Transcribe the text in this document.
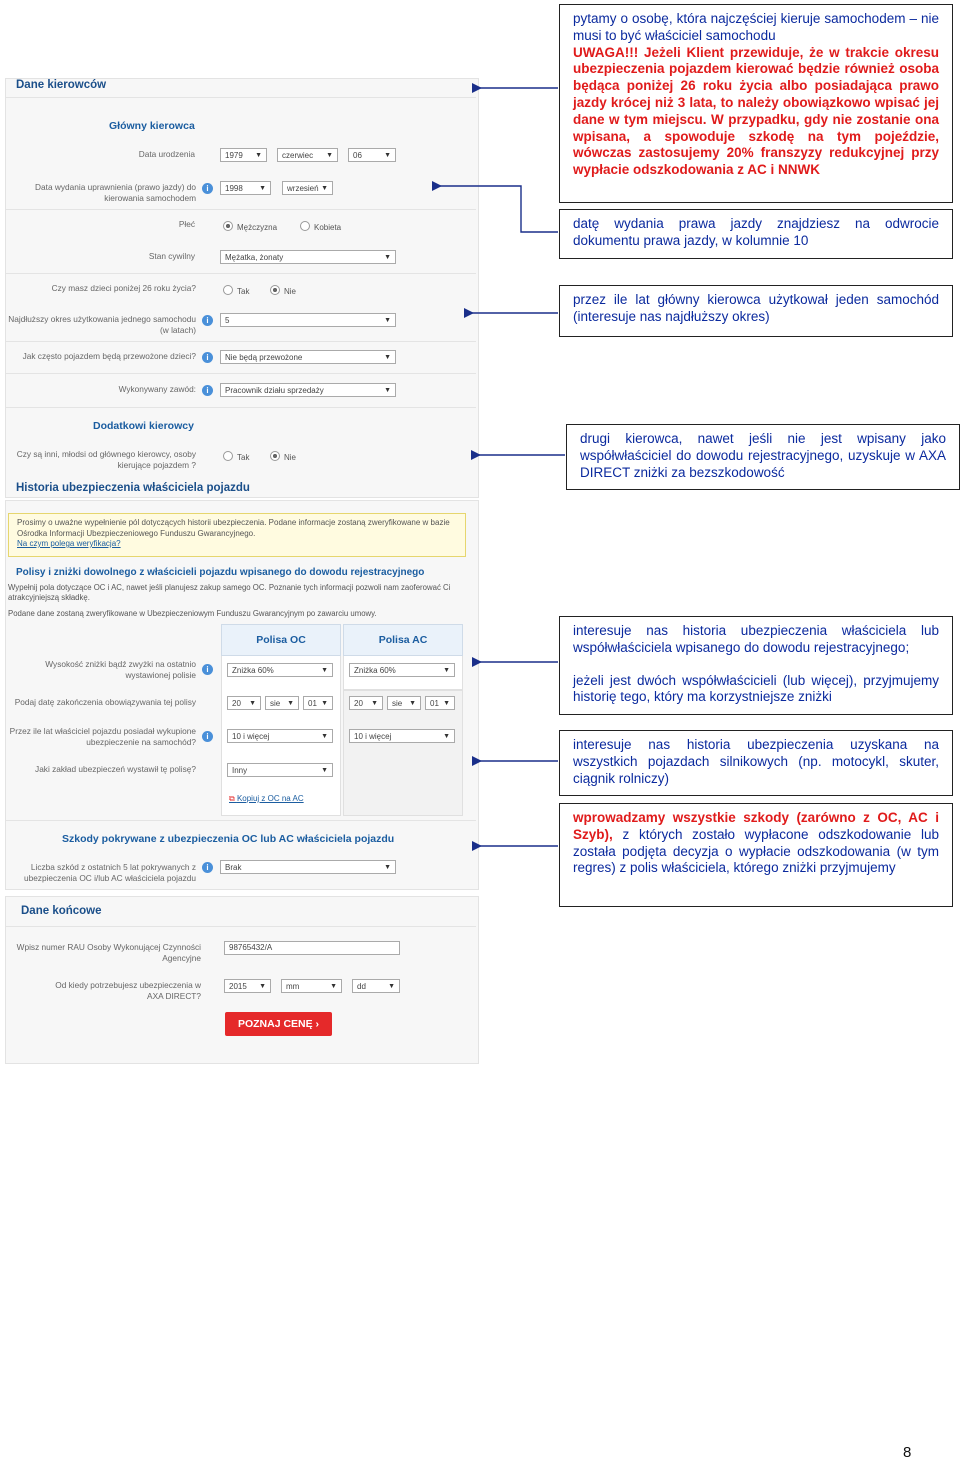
Dane kierowców
Główny kierowca
Data urodzenia	1979 ▼	czerwiec ▼	06 ▼
Data wydania uprawnienia (prawo jazdy) do kierowania samochodem
i	1998 ▼	wrzesień ▼
Płeć	Mężczyzna	Kobieta
Stan cywilny	Mężatka, żonaty ▼
Czy masz dzieci poniżej 26 roku życia?	Tak	Nie
Najdłuższy okres użytkowania jednego samochodu (w latach)
i	5 ▼
Jak często pojazdem będą przewożone dzieci?	i	Nie będą przewożone ▼
Wykonywany zawód:	i	Pracownik działu sprzedaży ▼
Dodatkowi kierowcy
Czy są inni, młodsi od głównego kierowcy, osoby kierujące pojazdem ?
Tak	Nie
Historia ubezpieczenia właściciela pojazdu
Prosimy o uważne wypełnienie pól dotyczących historii ubezpieczenia. Podane informacje zostaną zweryfikowane w bazie Ośrodka Informacji Ubezpieczeniowego Funduszu Gwarancyjnego.
Na czym polega weryfikacja?
Polisy i zniżki dowolnego z właścicieli pojazdu wpisanego do dowodu rejestracyjnego
Wypełnij pola dotyczące OC i AC, nawet jeśli planujesz zakup samego OC. Poznanie tych informacji pozwoli nam zaoferować Ci atrakcyjniejszą składkę.
Podane dane zostaną zweryfikowane w Ubezpieczeniowym Funduszu Gwarancyjnym po zawarciu umowy.
Polisa OC	Polisa AC
Wysokość zniżki bądź zwyżki na ostatnio wystawionej polisie
i	Zniżka 60% ▼	Zniżka 60% ▼
Podaj datę zakończenia obowiązywania tej polisy	20 ▼	sie ▼	01 ▼	20 ▼	sie ▼	01 ▼
Przez ile lat właściciel pojazdu posiadał wykupione ubezpieczenie na samochód?
i	10 i więcej ▼	10 i więcej ▼
Jaki zakład ubezpieczeń wystawił tę polisę?	Inny ▼
⧉ Kopiuj z OC na AC
Szkody pokrywane z ubezpieczenia OC lub AC właściciela pojazdu
Liczba szkód z ostatnich 5 lat pokrywanych z ubezpieczenia OC i/lub AC właściciela pojazdu
i	Brak ▼
Dane końcowe
Wpisz numer RAU Osoby Wykonującej Czynności Agencyjne
98765432/A
Od kiedy potrzebujesz ubezpieczenia w AXA DIRECT?
2015 ▼	mm ▼	dd ▼
POZNAJ CENĘ ›

pytamy o osobę, która najczęściej kieruje samochodem – nie musi to być właściciel samochodu

UWAGA!!! Jeżeli Klient przewiduje, że w trakcie okresu ubezpieczenia pojazdem kierować będzie również osoba będąca poniżej 26 roku życia albo posiadająca prawo jazdy krócej niż 3 lata, to należy obowiązkowo wpisać jej dane w tym miejscu. W przypadku, gdy nie zostanie ona wpisana, a spowoduje szkodę na tym pojeździe, wówczas zastosujemy 20% franszyzy redukcyjnej przy wypłacie odszkodowania z AC i NNWK

datę wydania prawa jazdy znajdziesz na odwrocie dokumentu prawa jazdy, w kolumnie 10

przez ile lat główny kierowca użytkował jeden samochód (interesuje nas najdłuższy okres)

drugi kierowca, nawet jeśli nie jest wpisany jako współwłaściciel do dowodu rejestracyjnego, uzyskuje w AXA DIRECT zniżki za bezszkodowość

interesuje nas historia ubezpieczenia właściciela lub współwłaściciela wpisanego do dowodu rejestracyjnego;

jeżeli jest dwóch współwłaścicieli (lub więcej), przyjmujemy historię tego, który ma korzystniejsze zniżki

interesuje nas historia ubezpieczenia uzyskana na wszystkich pojazdach silnikowych (np. motocykl, skuter, ciągnik rolniczy)

wprowadzamy wszystkie szkody (zarówno z OC, AC i Szyb), z których zostało wypłacone odszkodowanie lub została podjęta decyzja o wypłacie odszkodowania (w tym regres) z polis właściciela, którego zniżki przyjmujemy

8
